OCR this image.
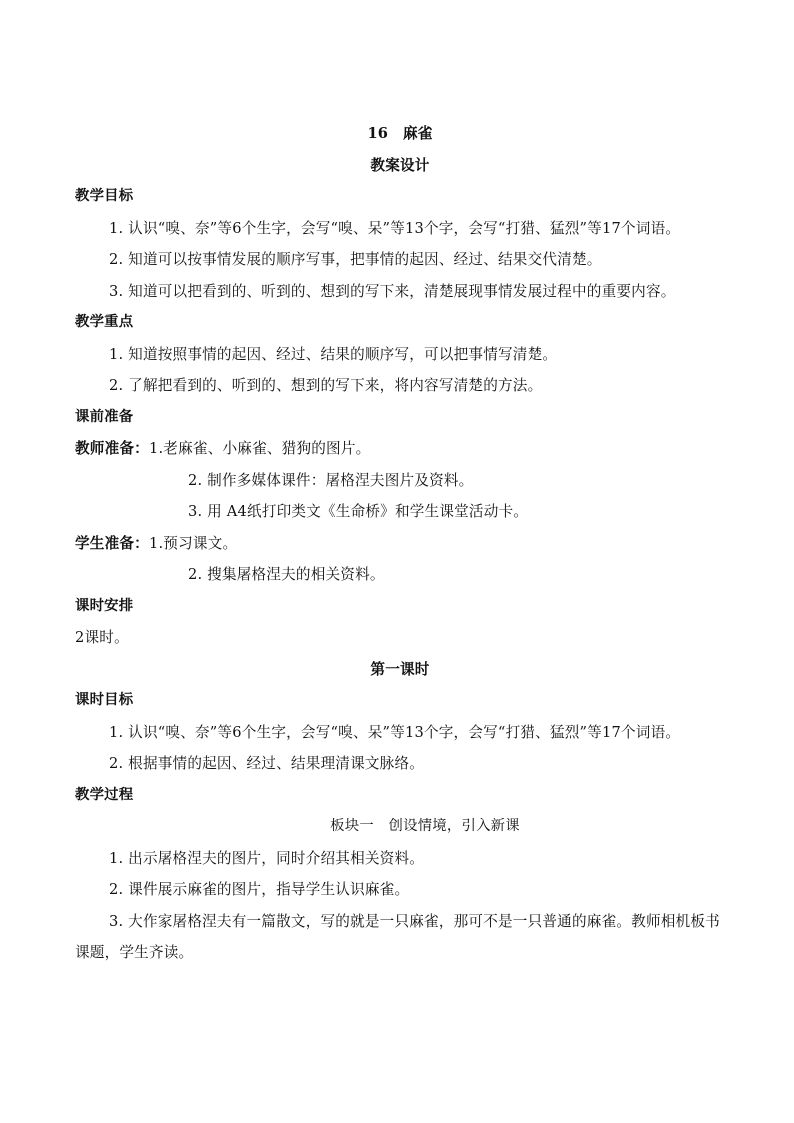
16　麻雀

教案设计

教学目标

1. 认识“嗅、奈”等6个生字，会写“嗅、呆”等13个字，会写“打猎、猛烈”等17个词语。

2. 知道可以按事情发展的顺序写事，把事情的起因、经过、结果交代清楚。

3. 知道可以把看到的、听到的、想到的写下来，清楚展现事情发展过程中的重要内容。

教学重点

1. 知道按照事情的起因、经过、结果的顺序写，可以把事情写清楚。

2. 了解把看到的、听到的、想到的写下来，将内容写清楚的方法。

课前准备

教师准备：1.老麻雀、小麻雀、猎狗的图片。

2. 制作多媒体课件：屠格涅夫图片及资料。

3. 用 A4纸打印类文《生命桥》和学生课堂活动卡。

学生准备：1.预习课文。

2. 搜集屠格涅夫的相关资料。

课时安排

2课时。

第一课时

课时目标

1. 认识“嗅、奈”等6个生字，会写“嗅、呆”等13个字，会写“打猎、猛烈”等17个词语。

2. 根据事情的起因、经过、结果理清课文脉络。

教学过程

板块一　创设情境，引入新课

1. 出示屠格涅夫的图片，同时介绍其相关资料。

2. 课件展示麻雀的图片，指导学生认识麻雀。

3. 大作家屠格涅夫有一篇散文，写的就是一只麻雀，那可不是一只普通的麻雀。教师相机板书课题，学生齐读。
